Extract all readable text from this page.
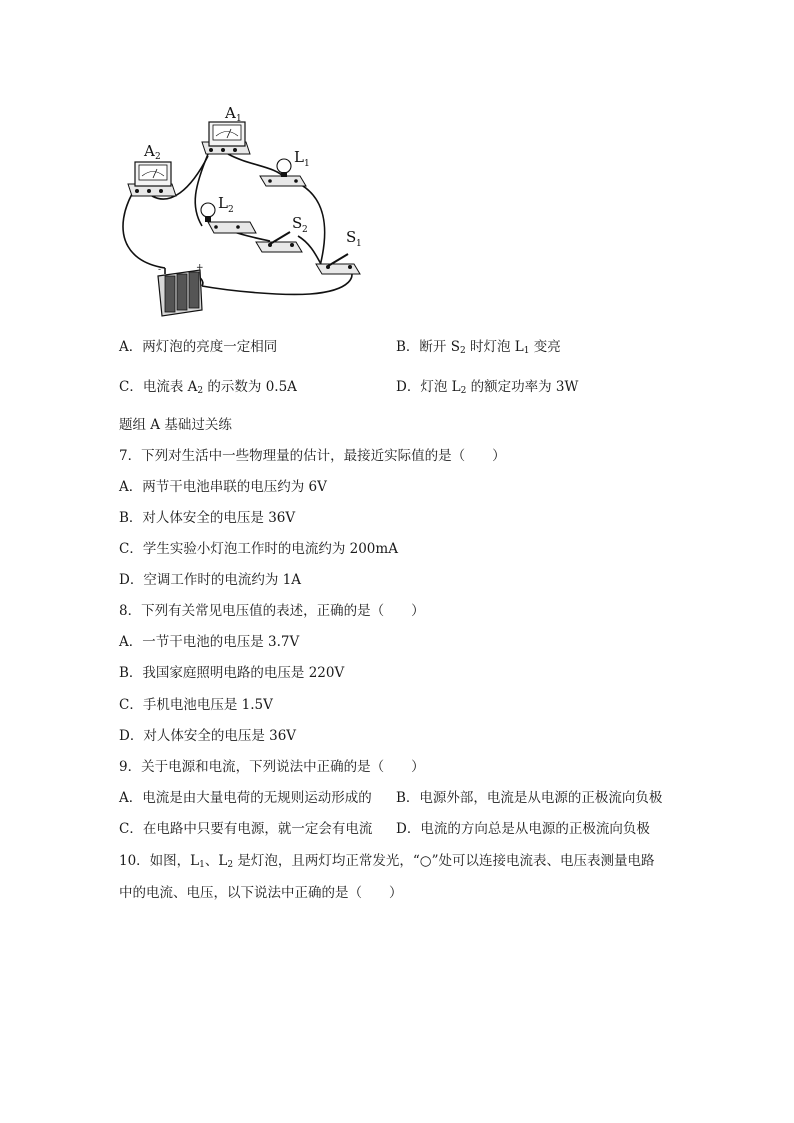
A 1
A 2	L 1
L 2
S 2	S 1
-	+
A．两灯泡的亮度一定相同	B．断开 $S_2$ 时灯泡 $L_1$ 变亮
C．电流表 $A_2$ 的示数为 0.5A	D．灯泡 $L_2$ 的额定功率为 3W
题组 A 基础过关练
7．下列对生活中一些物理量的估计，最接近实际值的是（　　）
A．两节干电池串联的电压约为 6V
B．对人体安全的电压是 36V
C．学生实验小灯泡工作时的电流约为 200mA
D．空调工作时的电流约为 1A
8．下列有关常见电压值的表述，正确的是（　　）
A．一节干电池的电压是 3.7V
B．我国家庭照明电路的电压是 220V
C．手机电池电压是 1.5V
D．对人体安全的电压是 36V
9．关于电源和电流，下列说法中正确的是（　　）
A．电流是由大量电荷的无规则运动形成的 B．电源外部，电流是从电源的正极流向负极
C．在电路中只要有电源，就一定会有电流 D．电流的方向总是从电源的正极流向负极
10．如图，$L_1$、$L_2$ 是灯泡，且两灯均正常发光，“○”处可以连接电流表、电压表测量电路
中的电流、电压，以下说法中正确的是（　　）
